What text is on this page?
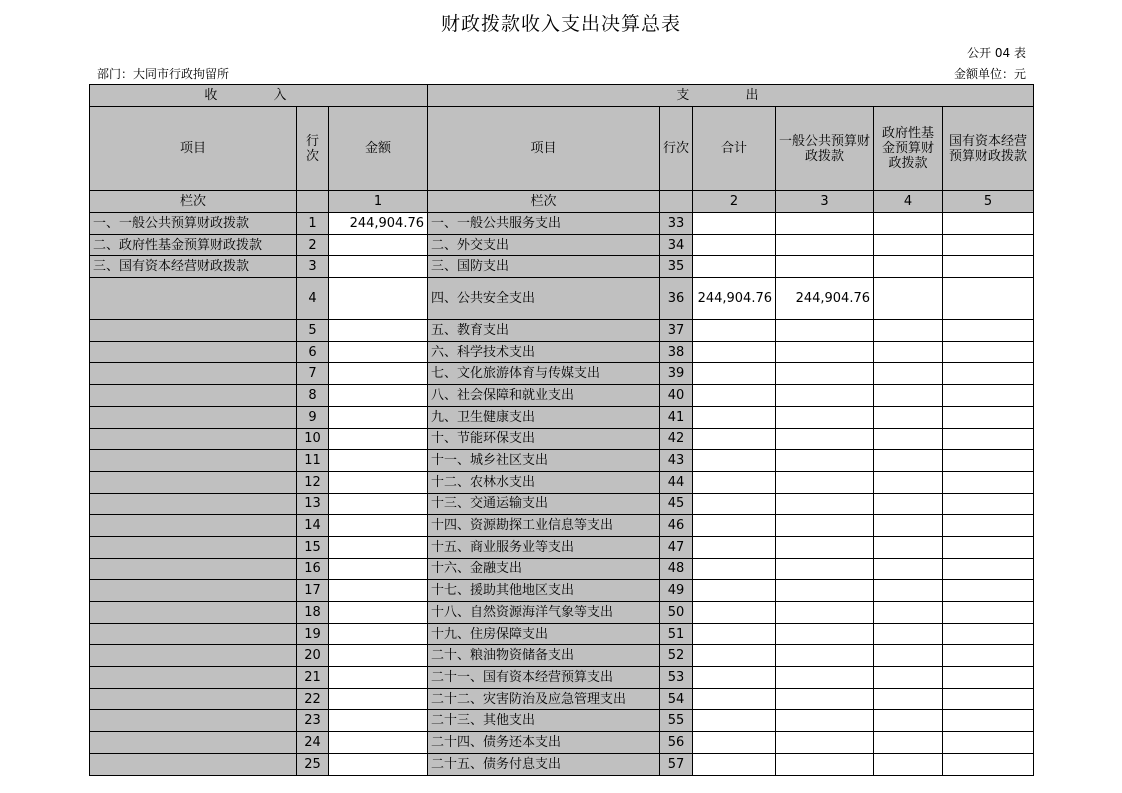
财政拨款收入支出决算总表
公开 04 表
部门：大同市行政拘留所	金额单位：元
收 入			支 出					
项目	行次	金额	项目	行次	合计	一般公共预算财政拨款	政府性基金预算财政拨款	国有资本经营预算财政拨款
栏次		1	栏次		2	3	4	5
一、一般公共预算财政拨款	1	244,904.76	一、一般公共服务支出	33				
二、政府性基金预算财政拨款	2		二、外交支出	34				
三、国有资本经营财政拨款	3		三、国防支出	35				
	4		四、公共安全支出	36	244,904.76	244,904.76		
	5		五、教育支出	37				
	6		六、科学技术支出	38				
	7		七、文化旅游体育与传媒支出	39				
	8		八、社会保障和就业支出	40				
	9		九、卫生健康支出	41				
	10		十、节能环保支出	42				
	11		十一、城乡社区支出	43				
	12		十二、农林水支出	44				
	13		十三、交通运输支出	45				
	14		十四、资源勘探工业信息等支出	46				
	15		十五、商业服务业等支出	47				
	16		十六、金融支出	48				
	17		十七、援助其他地区支出	49				
	18		十八、自然资源海洋气象等支出	50				
	19		十九、住房保障支出	51				
	20		二十、粮油物资储备支出	52				
	21		二十一、国有资本经营预算支出	53				
	22		二十二、灾害防治及应急管理支出	54				
	23		二十三、其他支出	55				
	24		二十四、债务还本支出	56				
	25		二十五、债务付息支出	57				
